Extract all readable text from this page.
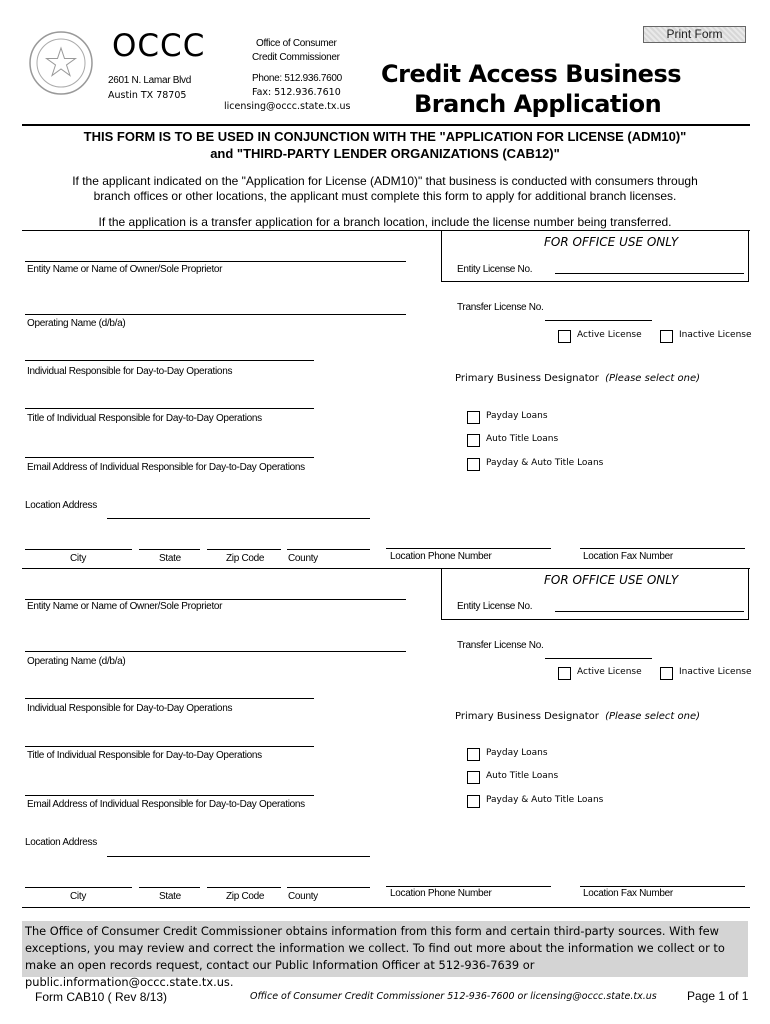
Print Form
OCCC	Office of Consumer
Credit Commissioner
2601 N. Lamar Blvd
Austin TX 78705
Phone: 512.936.7600
Fax: 512.936.7610
licensing@occc.state.tx.us
Credit Access Business
Branch Application
THIS FORM IS TO BE USED IN CONJUNCTION WITH THE "APPLICATION FOR LICENSE (ADM10)"
and "THIRD-PARTY LENDER ORGANIZATIONS (CAB12)"
If the applicant indicated on the "Application for License (ADM10)" that business is conducted with consumers through
branch offices or other locations, the applicant must complete this form to apply for additional branch licenses.
If the application is a transfer application for a branch location, include the license number being transferred.
FOR OFFICE USE ONLY
Entity Name or Name of Owner/Sole Proprietor	Entity License No.
Transfer License No.
Operating Name (d/b/a)
Active License	Inactive License
Individual Responsible for Day-to-Day Operations
Primary Business Designator (Please select one)
Title of Individual Responsible for Day-to-Day Operations	Payday Loans
Auto Title Loans
Payday & Auto Title Loans
Email Address of Individual Responsible for Day-to-Day Operations
Location Address
City	State	Zip Code County	Location Phone Number	Location Fax Number
FOR OFFICE USE ONLY
Entity Name or Name of Owner/Sole Proprietor	Entity License No.
Transfer License No.
Operating Name (d/b/a)
Active License	Inactive License
Individual Responsible for Day-to-Day Operations
Primary Business Designator (Please select one)
Title of Individual Responsible for Day-to-Day Operations	Payday Loans
Auto Title Loans
Payday & Auto Title Loans
Email Address of Individual Responsible for Day-to-Day Operations
Location Address
City	State	Zip Code County	Location Phone Number	Location Fax Number

The Office of Consumer Credit Commissioner obtains information from this form and certain third-party sources. With few exceptions, you may review and correct the information we collect. To find out more about the information we collect or to make an open records request, contact our Public Information Officer at 512-936-7639 or public.information@occc.state.tx.us.

Form CAB10 ( Rev 8/13)	Office of Consumer Credit Commissioner 512-936-7600 or licensing@occc.state.tx.us	Page 1 of 1
